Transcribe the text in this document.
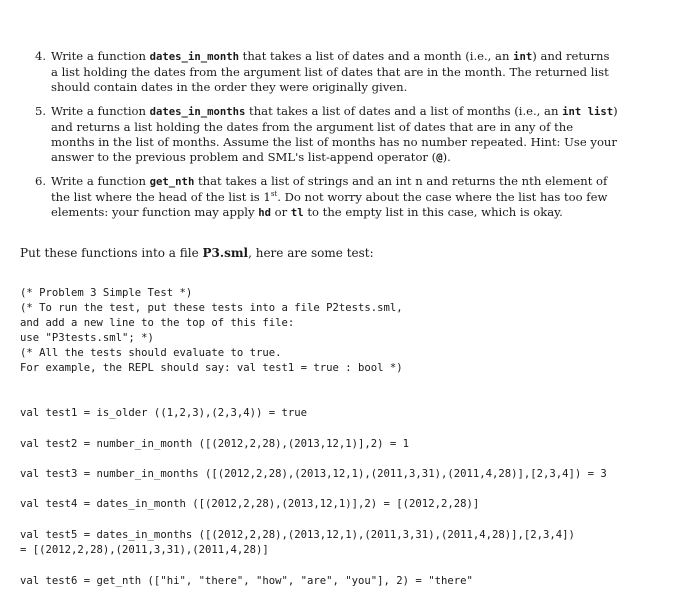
4. Write a function dates_in_month that takes a list of dates and a month (i.e., an int) and returns a list holding the dates from the argument list of dates that are in the month. The returned list should contain dates in the order they were originally given.
5. Write a function dates_in_months that takes a list of dates and a list of months (i.e., an int list) and returns a list holding the dates from the argument list of dates that are in any of the months in the list of months. Assume the list of months has no number repeated. Hint: Use your answer to the previous problem and SML's list-append operator (@).
6. Write a function get_nth that takes a list of strings and an int n and returns the nth element of the list where the head of the list is 1st. Do not worry about the case where the list has too few elements: your function may apply hd or tl to the empty list in this case, which is okay.
Put these functions into a file P3.sml, here are some test:
(* Problem 3 Simple Test *)
(* To run the test, put these tests into a file P2tests.sml,
and add a new line to the top of this file:
use "P3tests.sml"; *)
(* All the tests should evaluate to true.
For example, the REPL should say: val test1 = true : bool *)
val test1 = is_older ((1,2,3),(2,3,4)) = true
val test2 = number_in_month ([(2012,2,28),(2013,12,1)],2) = 1
val test3 = number_in_months ([(2012,2,28),(2013,12,1),(2011,3,31),(2011,4,28)],[2,3,4]) = 3
val test4 = dates_in_month ([(2012,2,28),(2013,12,1)],2) = [(2012,2,28)]
val test5 = dates_in_months ([(2012,2,28),(2013,12,1),(2011,3,31),(2011,4,28)],[2,3,4])
= [(2012,2,28),(2011,3,31),(2011,4,28)]
val test6 = get_nth (["hi", "there", "how", "are", "you"], 2) = "there"
